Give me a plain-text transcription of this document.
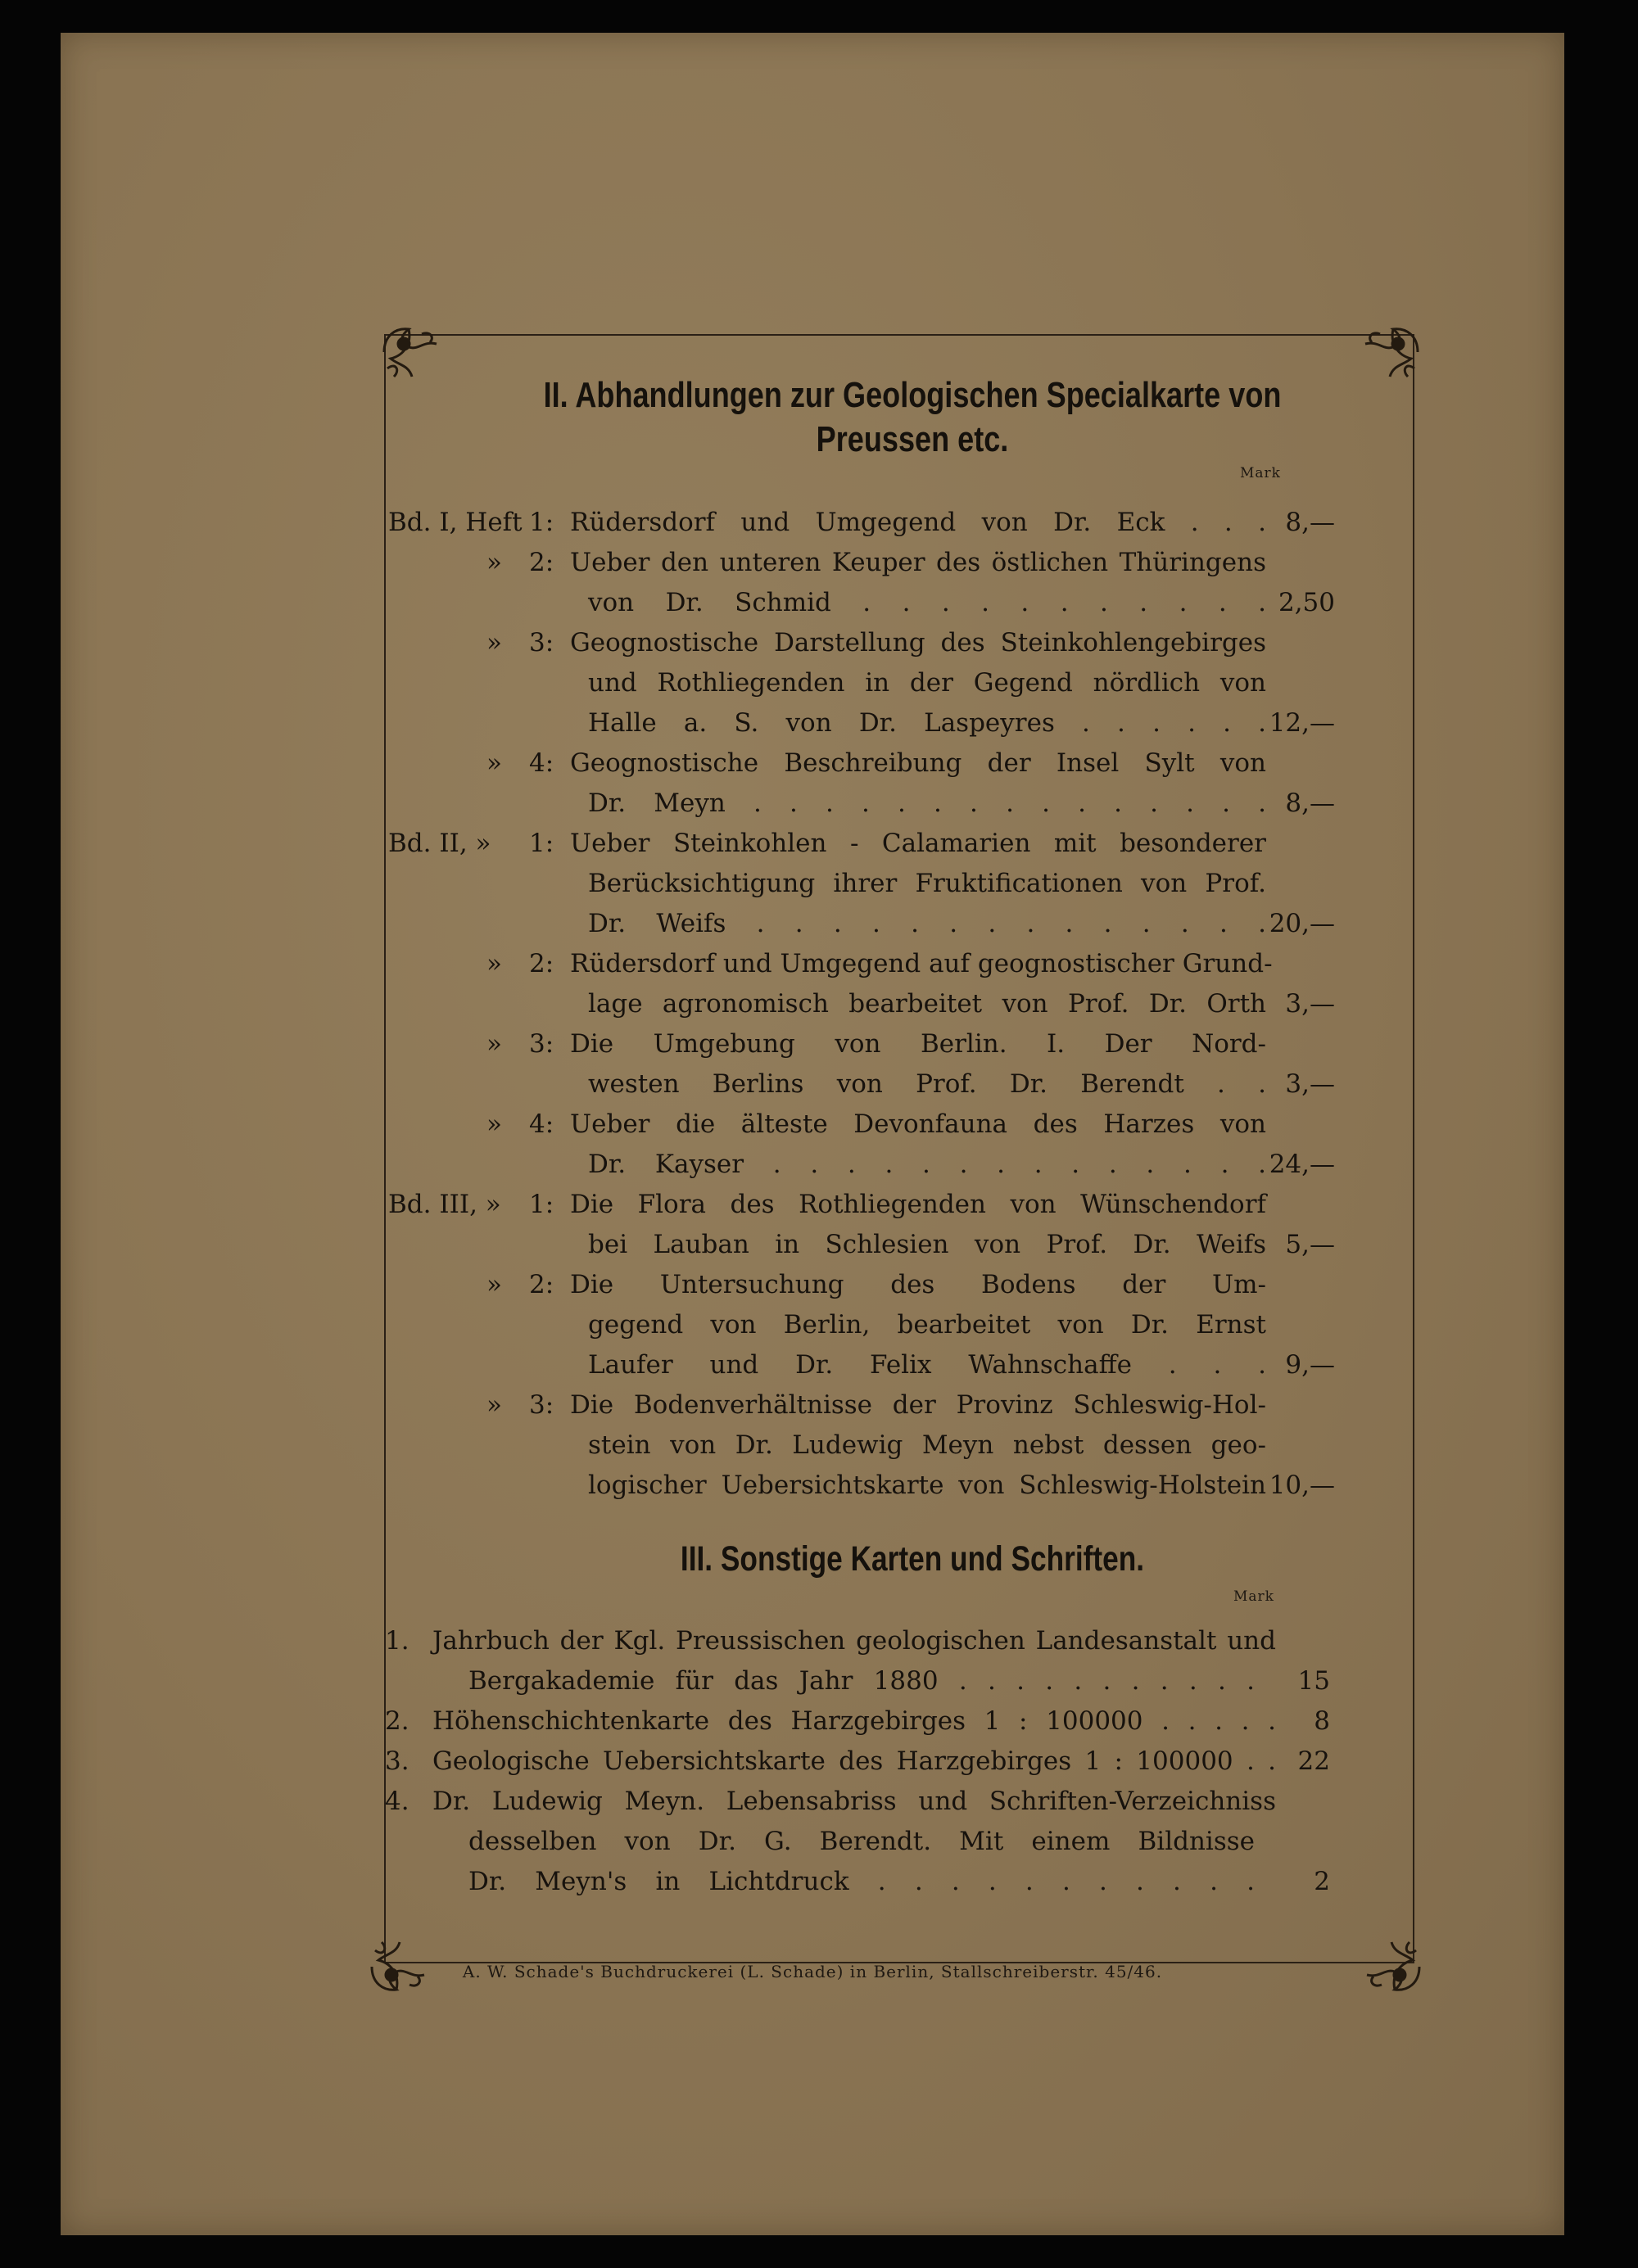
II. Abhandlungen zur Geologischen Specialkarte von
Preussen etc.
Mark
III. Sonstige Karten und Schriften.
Mark
A. W. Schade's Buchdruckerei (L. Schade) in Berlin, Stallschreiberstr. 45/46.
Bd. I, Heft 1: Rüdersdorf und Umgegend von Dr. Eck . . . 8,—
» 2: Ueber den unteren Keuper des östlichen Thüringens
von Dr. Schmid . . . . . . . . . . . 2,50
» 3: Geognostische Darstellung des Steinkohlengebirges
und Rothliegenden in der Gegend nördlich von
Halle a. S. von Dr. Laspeyres . . . . . . 12,—
» 4: Geognostische Beschreibung der Insel Sylt von
Dr. Meyn . . . . . . . . . . . . . . . 8,—
Bd. II, » 1: Ueber Steinkohlen - Calamarien mit besonderer
Berücksichtigung ihrer Fruktificationen von Prof.
Dr. Weifs . . . . . . . . . . . . . . 20,—
» 2: Rüdersdorf und Umgegend auf geognostischer Grund-
lage agronomisch bearbeitet von Prof. Dr. Orth 3,—
» 3: Die Umgebung von Berlin. I. Der Nord-
westen Berlins von Prof. Dr. Berendt . . 3,—
» 4: Ueber die älteste Devonfauna des Harzes von
Dr. Kayser . . . . . . . . . . . . . . 24,—
Bd. III, » 1: Die Flora des Rothliegenden von Wünschendorf
bei Lauban in Schlesien von Prof. Dr. Weifs 5,—
» 2: Die Untersuchung des Bodens der Um-
gegend von Berlin, bearbeitet von Dr. Ernst
Laufer und Dr. Felix Wahnschaffe . . . 9,—
» 3: Die Bodenverhältnisse der Provinz Schleswig-Hol-
stein von Dr. Ludewig Meyn nebst dessen geo-
logischer Uebersichtskarte von Schleswig-Holstein 10,—
1. Jahrbuch der Kgl. Preussischen geologischen Landesanstalt und
Bergakademie für das Jahr 1880 . . . . . . . . . . .	15
2. Höhenschichtenkarte des Harzgebirges 1 : 100000 . . . . .	8
3. Geologische Uebersichtskarte des Harzgebirges 1 : 100000 . . 22
4. Dr. Ludewig Meyn. Lebensabriss und Schriften-Verzeichniss
desselben von Dr. G. Berendt. Mit einem Bildnisse
Dr. Meyn's in Lichtdruck . . . . . . . . . . .	2
